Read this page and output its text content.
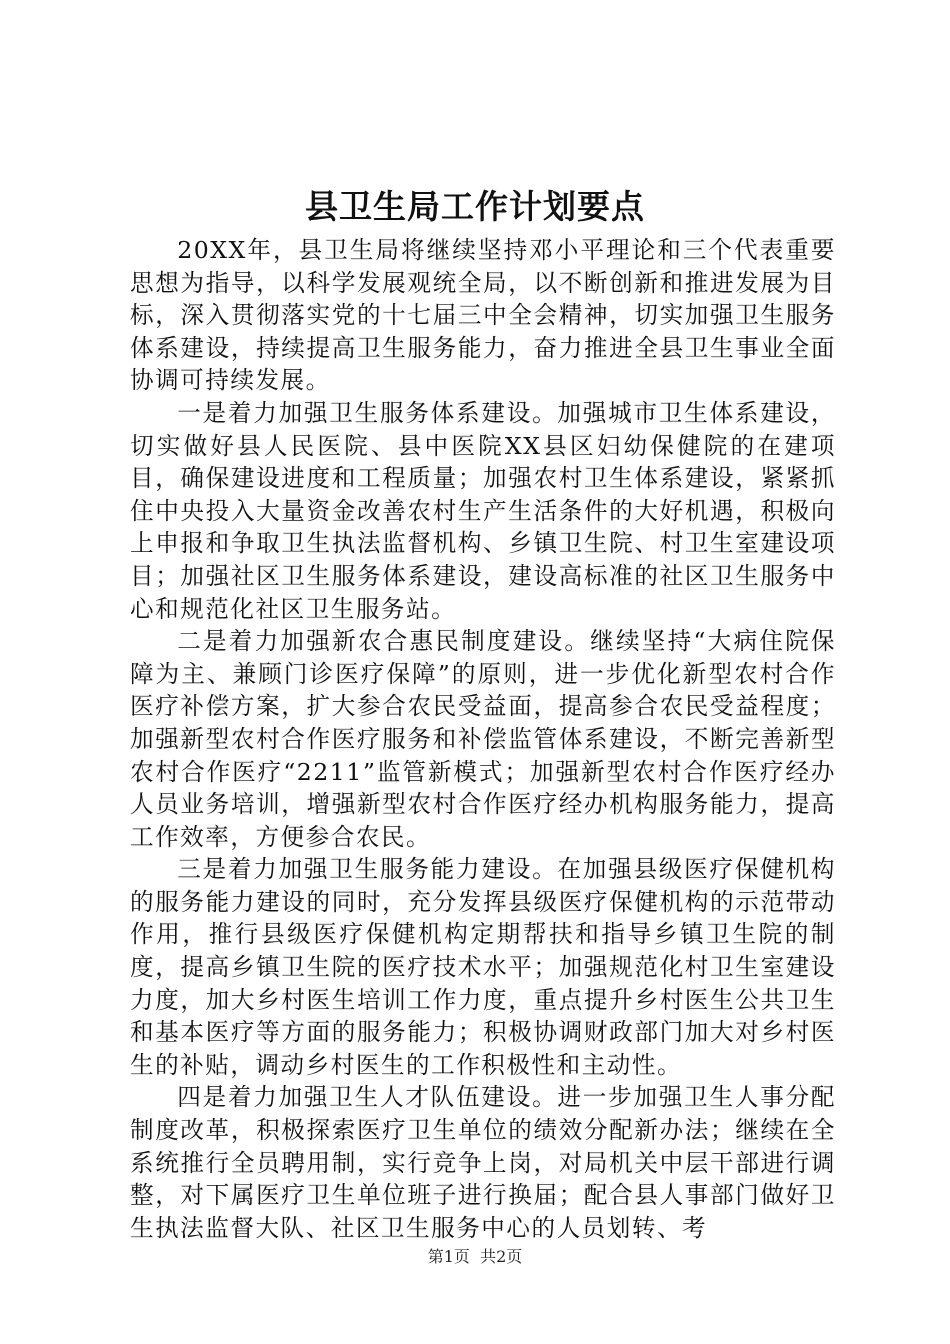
县卫生局工作计划要点

20XX年，县卫生局将继续坚持邓小平理论和三个代表重要思想为指导，以科学发展观统全局，以不断创新和推进发展为目标，深入贯彻落实党的十七届三中全会精神，切实加强卫生服务体系建设，持续提高卫生服务能力，奋力推进全县卫生事业全面协调可持续发展。

一是着力加强卫生服务体系建设。加强城市卫生体系建设，切实做好县人民医院、县中医院XX县区妇幼保健院的在建项目，确保建设进度和工程质量；加强农村卫生体系建设，紧紧抓住中央投入大量资金改善农村生产生活条件的大好机遇，积极向上申报和争取卫生执法监督机构、乡镇卫生院、村卫生室建设项目；加强社区卫生服务体系建设，建设高标准的社区卫生服务中心和规范化社区卫生服务站。

二是着力加强新农合惠民制度建设。继续坚持“大病住院保障为主、兼顾门诊医疗保障”的原则，进一步优化新型农村合作医疗补偿方案，扩大参合农民受益面，提高参合农民受益程度；加强新型农村合作医疗服务和补偿监管体系建设，不断完善新型农村合作医疗“2211”监管新模式；加强新型农村合作医疗经办人员业务培训，增强新型农村合作医疗经办机构服务能力，提高工作效率，方便参合农民。

三是着力加强卫生服务能力建设。在加强县级医疗保健机构的服务能力建设的同时，充分发挥县级医疗保健机构的示范带动作用，推行县级医疗保健机构定期帮扶和指导乡镇卫生院的制度，提高乡镇卫生院的医疗技术水平；加强规范化村卫生室建设力度，加大乡村医生培训工作力度，重点提升乡村医生公共卫生和基本医疗等方面的服务能力；积极协调财政部门加大对乡村医生的补贴，调动乡村医生的工作积极性和主动性。

四是着力加强卫生人才队伍建设。进一步加强卫生人事分配制度改革，积极探索医疗卫生单位的绩效分配新办法；继续在全系统推行全员聘用制，实行竞争上岗，对局机关中层干部进行调整，对下属医疗卫生单位班子进行换届；配合县人事部门做好卫生执法监督大队、社区卫生服务中心的人员划转、考

第1页 共2页
